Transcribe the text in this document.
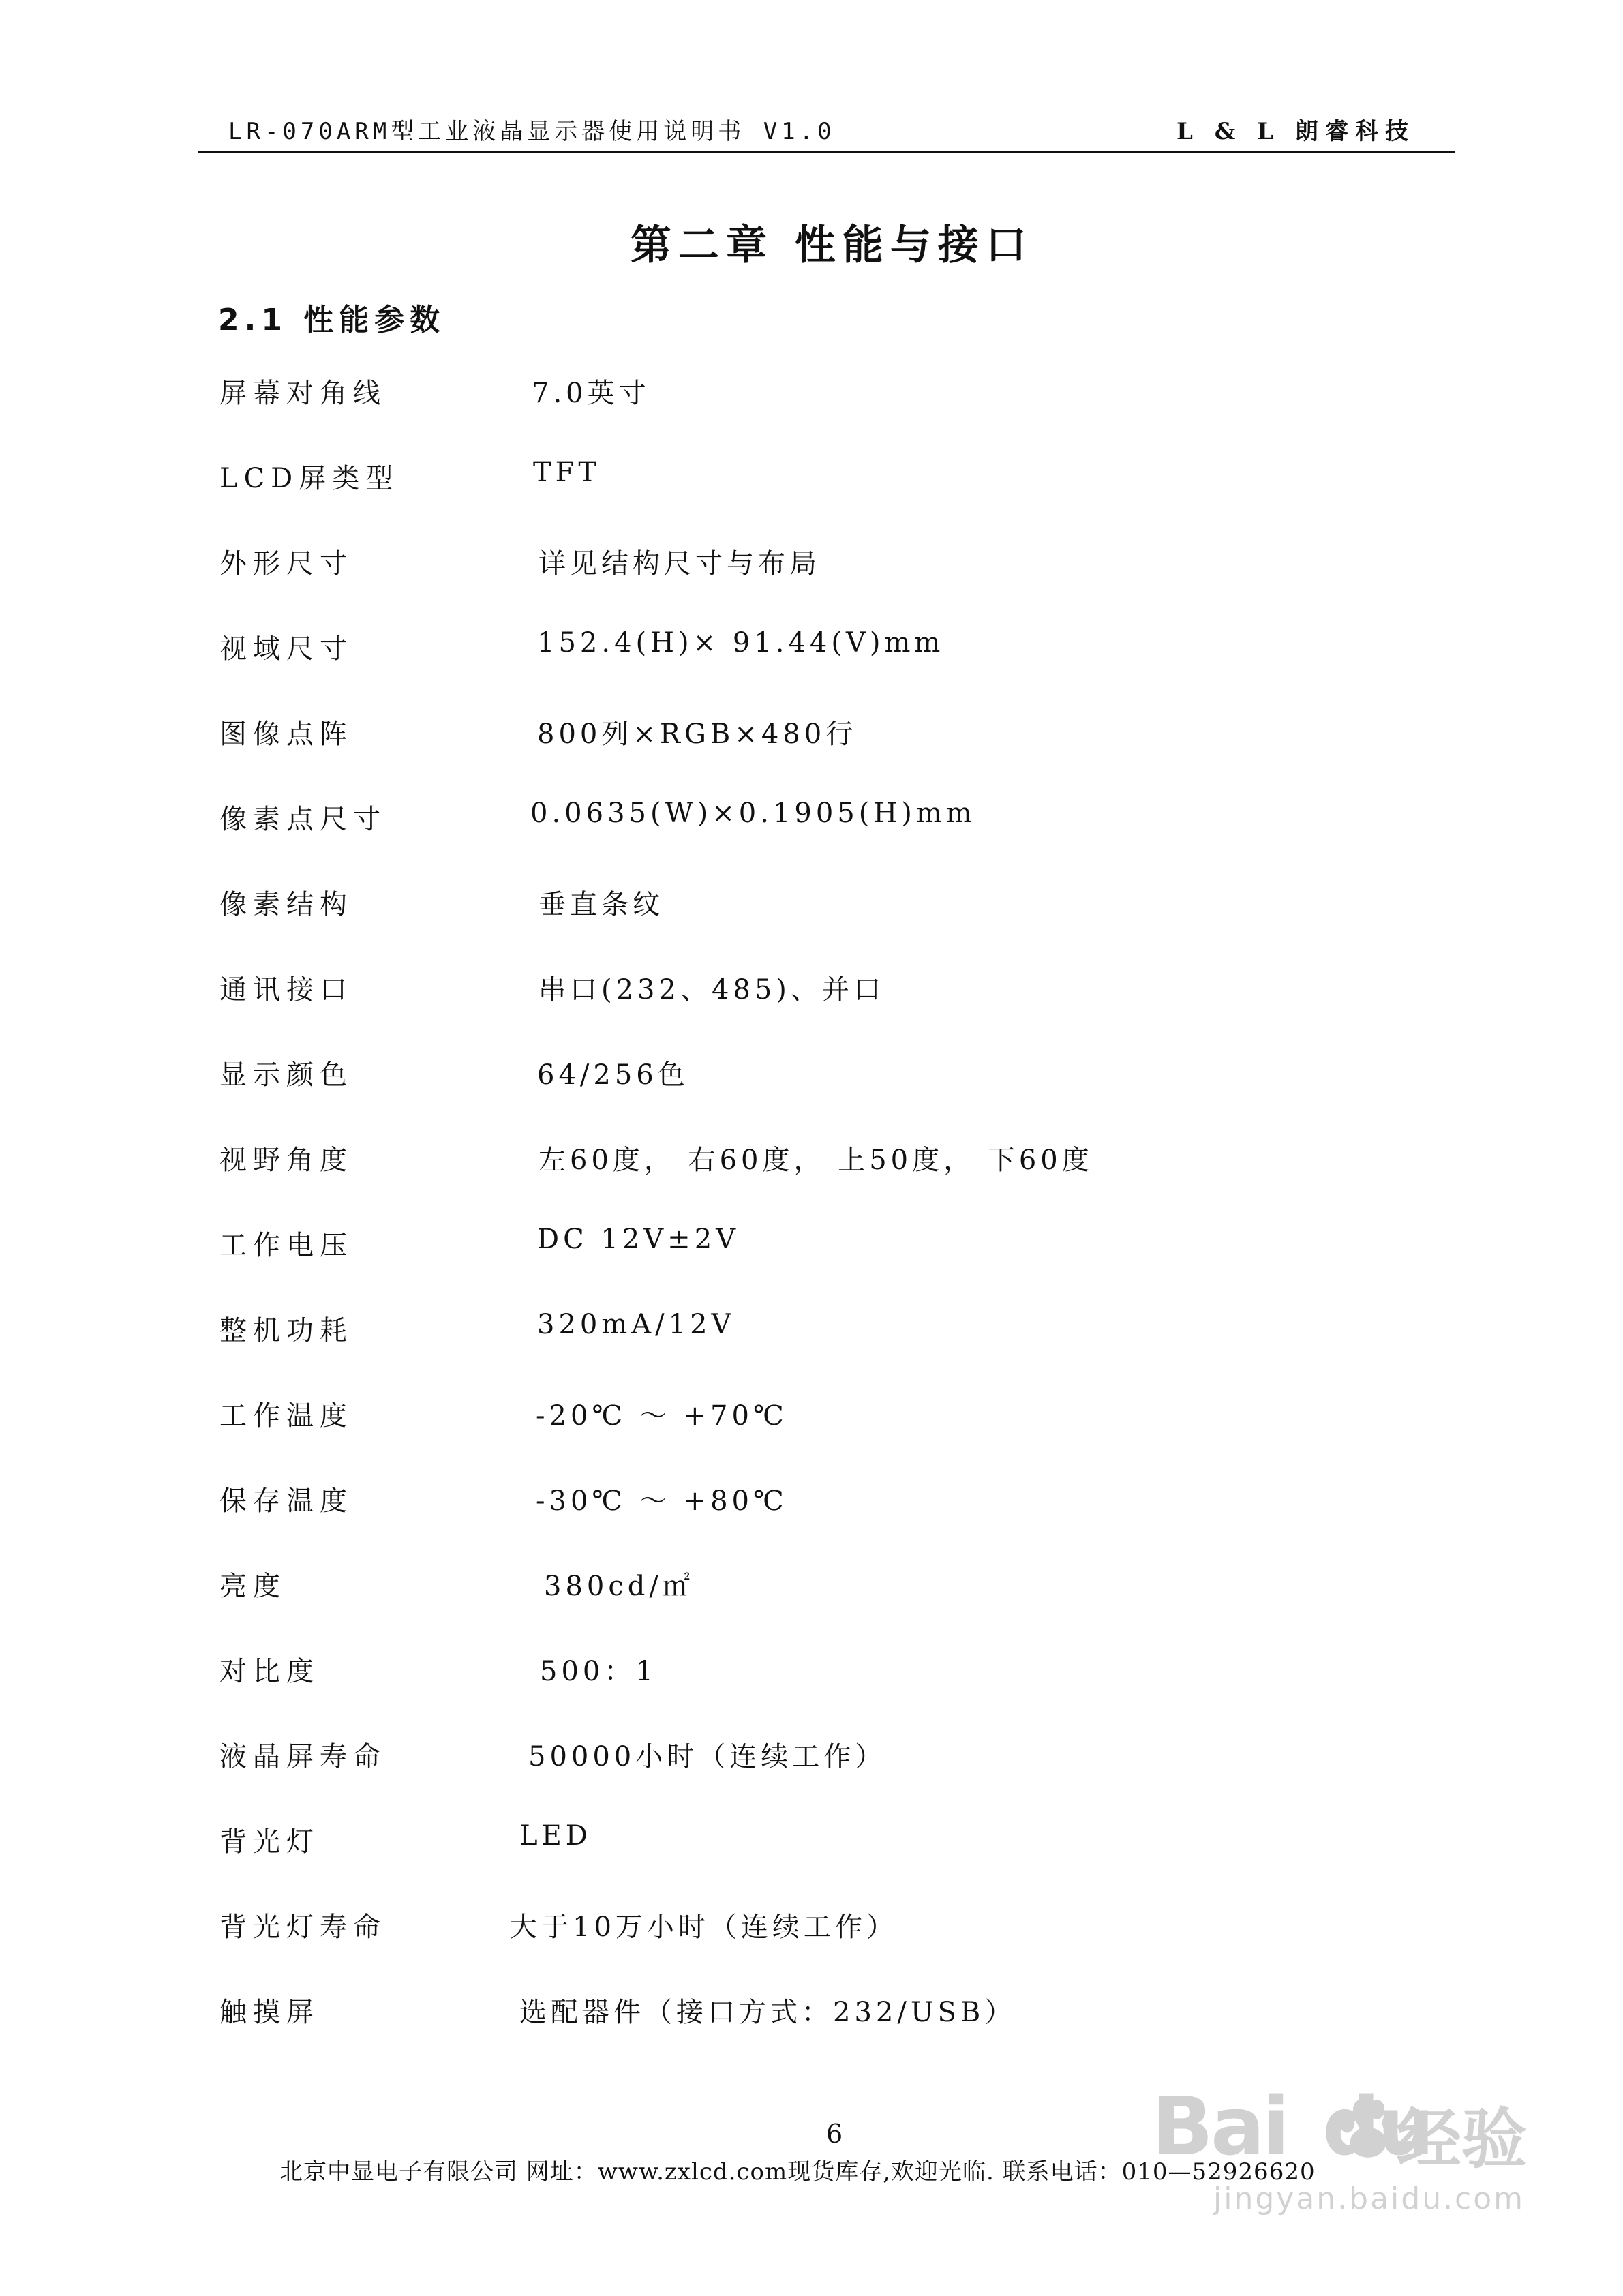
LR-070ARM型工业液晶显示器使用说明书 V1.0	L & L 朗睿科技
第二章 性能与接口
2.1 性能参数
屏幕对角线	7.0英寸
LCD屏类型	TFT
外形尺寸	详见结构尺寸与布局
视域尺寸	152.4(H)× 91.44(V)mm
图像点阵	800列×RGB×480行
像素点尺寸	0.0635(W)×0.1905(H)mm
像素结构	垂直条纹
通讯接口	串口(232、485)、并口
显示颜色	64/256色
视野角度	左60度， 右60度， 上50度， 下60度
工作电压	DC 12V±2V
整机功耗	320mA/12V
工作温度	-20℃ ～ +70℃
保存温度	-30℃ ～ +80℃
亮度	380cd/㎡
对比度	500：1
液晶屏寿命	50000小时（连续工作）
背光灯	LED
背光灯寿命	大于10万小时（连续工作）
触摸屏	选配器件（接口方式：232/USB）
6
北京中显电子有限公司 网址：www.zxlcd.com现货库存,欢迎光临. 联系电话：010—52926620
Bai du
经验
jingyan.baidu.com
